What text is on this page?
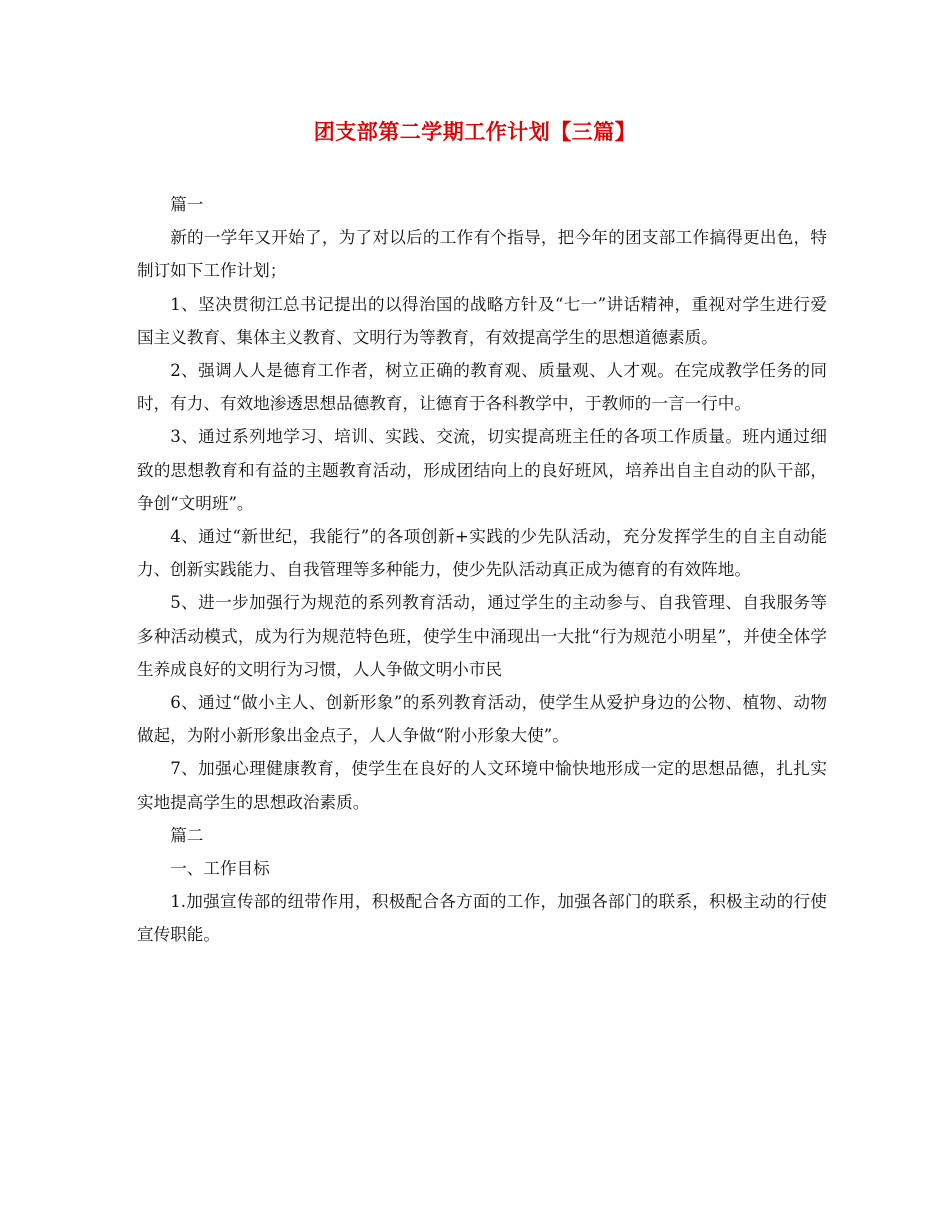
团支部第二学期工作计划【三篇】

篇一

新的一学年又开始了，为了对以后的工作有个指导，把今年的团支部工作搞得更出色，特制订如下工作计划；

1、坚决贯彻江总书记提出的以得治国的战略方针及“七一”讲话精神，重视对学生进行爱国主义教育、集体主义教育、文明行为等教育，有效提高学生的思想道德素质。

2、强调人人是德育工作者，树立正确的教育观、质量观、人才观。在完成教学任务的同时，有力、有效地渗透思想品德教育，让德育于各科教学中，于教师的一言一行中。

3、通过系列地学习、培训、实践、交流，切实提高班主任的各项工作质量。班内通过细致的思想教育和有益的主题教育活动，形成团结向上的良好班风，培养出自主自动的队干部，争创“文明班”。

4、通过“新世纪，我能行”的各项创新+实践的少先队活动，充分发挥学生的自主自动能力、创新实践能力、自我管理等多种能力，使少先队活动真正成为德育的有效阵地。

5、进一步加强行为规范的系列教育活动，通过学生的主动参与、自我管理、自我服务等多种活动模式，成为行为规范特色班，使学生中涌现出一大批“行为规范小明星”，并使全体学生养成良好的文明行为习惯，人人争做文明小市民

6、通过“做小主人、创新形象”的系列教育活动，使学生从爱护身边的公物、植物、动物做起，为附小新形象出金点子，人人争做“附小形象大使”。

7、加强心理健康教育，使学生在良好的人文环境中愉快地形成一定的思想品德，扎扎实实地提高学生的思想政治素质。

篇二

一、工作目标

1.加强宣传部的纽带作用，积极配合各方面的工作，加强各部门的联系，积极主动的行使宣传职能。
